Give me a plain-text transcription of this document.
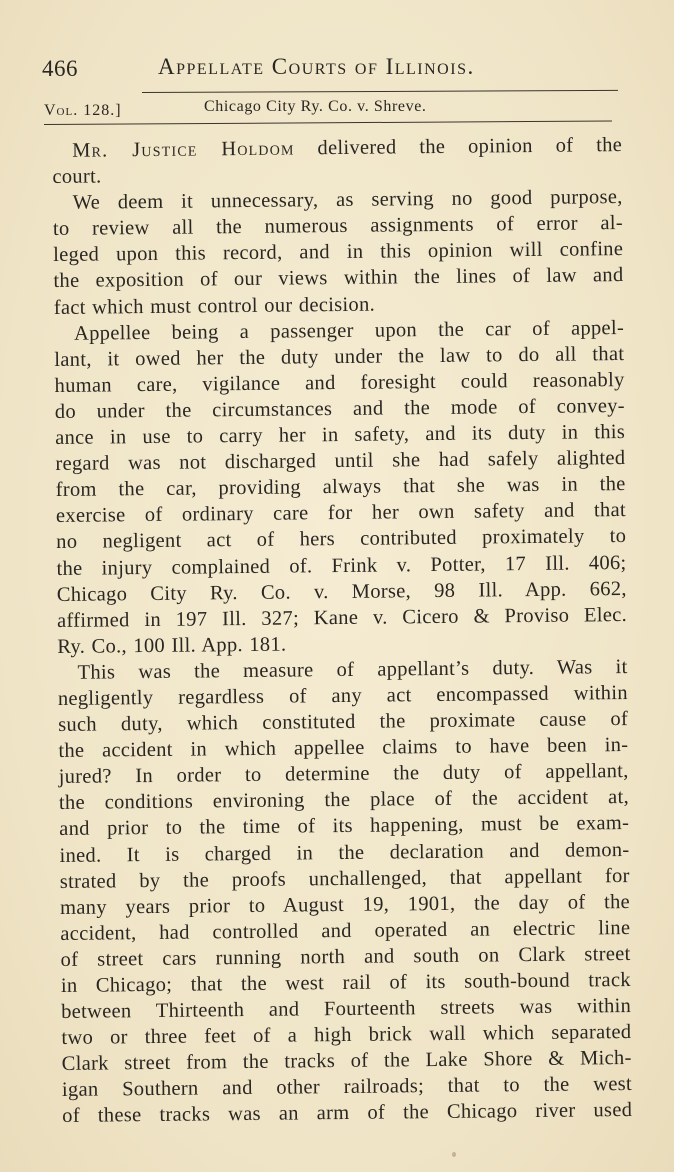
466	Appellate Courts of Illinois.
Vol. 128.]	Chicago City Ry. Co. v. Shreve.
Mr. Justice Holdom delivered the opinion of the
court.
We deem it unnecessary, as serving no good purpose,
to review all the numerous assignments of error al-
leged upon this record, and in this opinion will confine
the exposition of our views within the lines of law and
fact which must control our decision.
Appellee being a passenger upon the car of appel-
lant, it owed her the duty under the law to do all that
human care, vigilance and foresight could reasonably
do under the circumstances and the mode of convey-
ance in use to carry her in safety, and its duty in this
regard was not discharged until she had safely alighted
from the car, providing always that she was in the
exercise of ordinary care for her own safety and that
no negligent act of hers contributed proximately to
the injury complained of. Frink v. Potter, 17 Ill. 406;
Chicago City Ry. Co. v. Morse, 98 Ill. App. 662,
affirmed in 197 Ill. 327; Kane v. Cicero & Proviso Elec.
Ry. Co., 100 Ill. App. 181.
This was the measure of appellant’s duty. Was it
negligently regardless of any act encompassed within
such duty, which constituted the proximate cause of
the accident in which appellee claims to have been in-
jured? In order to determine the duty of appellant,
the conditions environing the place of the accident at,
and prior to the time of its happening, must be exam-
ined. It is charged in the declaration and demon-
strated by the proofs unchallenged, that appellant for
many years prior to August 19, 1901, the day of the
accident, had controlled and operated an electric line
of street cars running north and south on Clark street
in Chicago; that the west rail of its south-bound track
between Thirteenth and Fourteenth streets was within
two or three feet of a high brick wall which separated
Clark street from the tracks of the Lake Shore & Mich-
igan Southern and other railroads; that to the west
of these tracks was an arm of the Chicago river used
